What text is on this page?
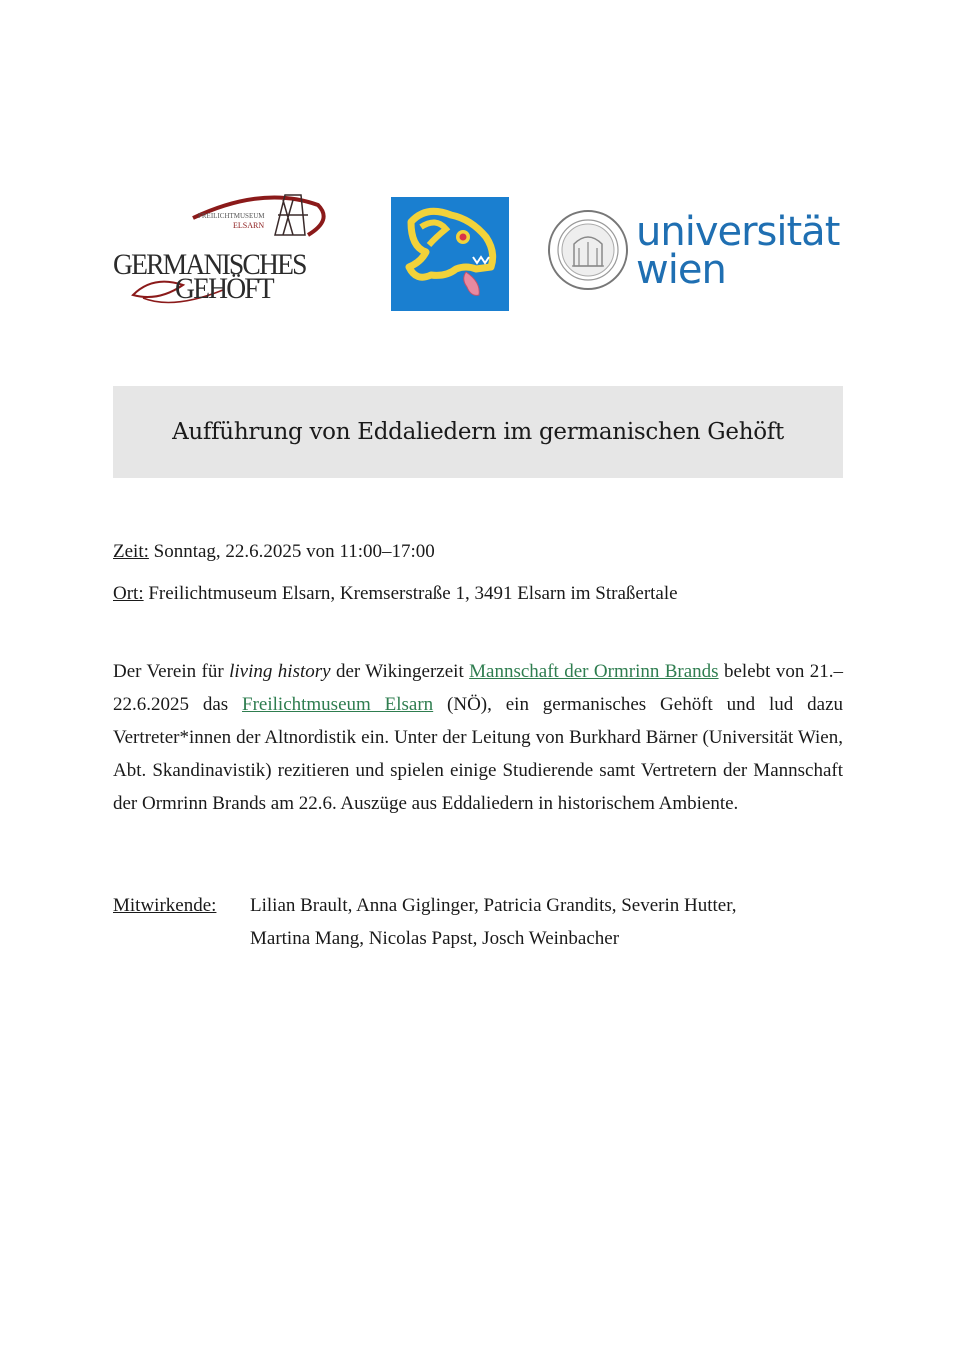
FREILICHTMUSEUM
ELSARN
GERMANISCHES
GEHÖFT
universität
wien
Aufführung von Eddaliedern im germanischen Gehöft
Zeit: Sonntag, 22.6.2025 von 11:00–17:00
Ort: Freilichtmuseum Elsarn, Kremserstraße 1, 3491 Elsarn im Straßertale
Der Verein für living history der Wikingerzeit Mannschaft der Ormrinn Brands belebt von 21.–22.6.2025 das Freilichtmuseum Elsarn (NÖ), ein germanisches Gehöft und lud dazu Vertreter*innen der Altnordistik ein. Unter der Leitung von Burkhard Bärner (Universität Wien, Abt. Skandinavistik) rezitieren und spielen einige Studierende samt Vertretern der Mannschaft der Ormrinn Brands am 22.6. Auszüge aus Eddaliedern in historischem Ambiente.
Mitwirkende: Lilian Brault, Anna Giglinger, Patricia Grandits, Severin Hutter,
Martina Mang, Nicolas Papst, Josch Weinbacher
